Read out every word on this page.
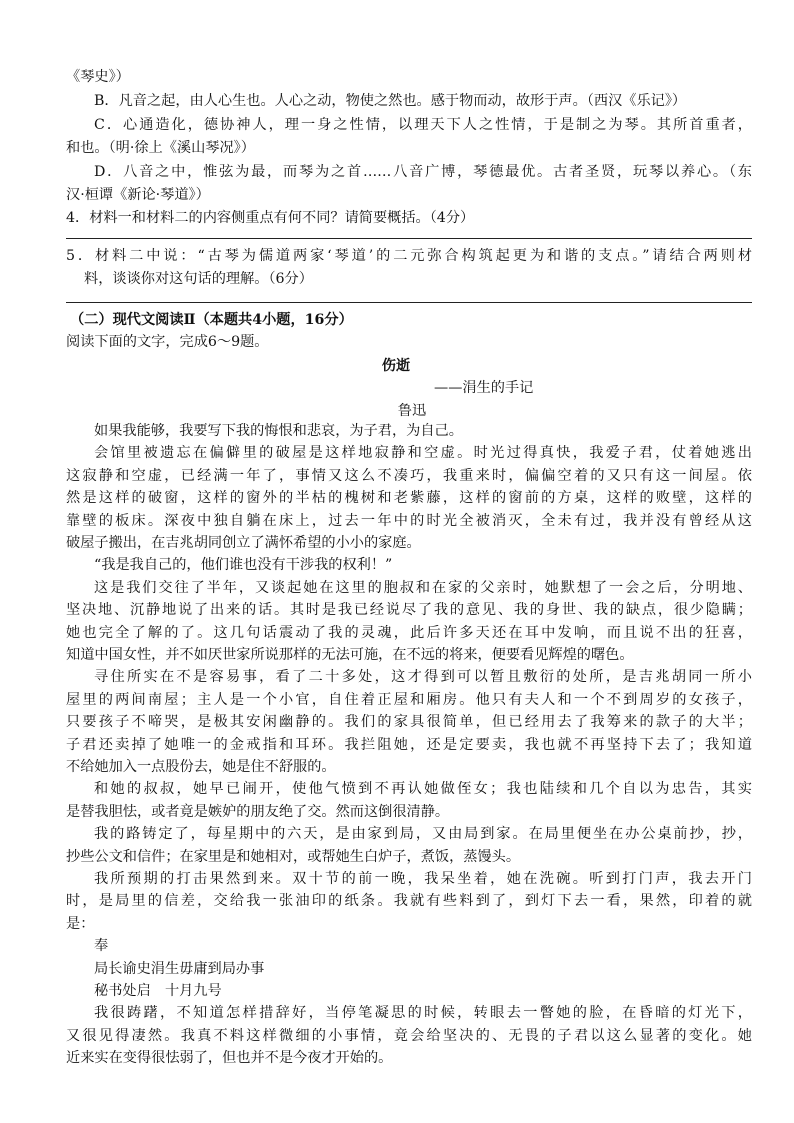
《琴史》）
B．凡音之起，由人心生也。人心之动，物使之然也。感于物而动，故形于声。（西汉《乐记》）
C．心通造化，德协神人，理一身之性情，以理天下人之性情，于是制之为琴。其所首重者，
和也。（明·徐上《溪山琴况》）
D．八音之中，惟弦为最，而琴为之首……八音广博，琴德最优。古者圣贤，玩琴以养心。（东
汉·桓谭《新论·琴道》）
4．材料一和材料二的内容侧重点有何不同？请简要概括。（4分）
5．材料二中说：“古琴为儒道两家‘琴道’的二元弥合构筑起更为和谐的支点。”请结合两则材
料，谈谈你对这句话的理解。（6分）
（二）现代文阅读Ⅱ（本题共4小题，16分）
阅读下面的文字，完成6～9题。
伤逝
——涓生的手记
鲁迅
如果我能够，我要写下我的悔恨和悲哀，为子君，为自己。
会馆里被遗忘在偏僻里的破屋是这样地寂静和空虚。时光过得真快，我爱子君，仗着她逃出
这寂静和空虚，已经满一年了，事情又这么不凑巧，我重来时，偏偏空着的又只有这一间屋。依
然是这样的破窗，这样的窗外的半枯的槐树和老紫藤，这样的窗前的方桌，这样的败壁，这样的
靠壁的板床。深夜中独自躺在床上，过去一年中的时光全被消灭，全未有过，我并没有曾经从这
破屋子搬出，在吉兆胡同创立了满怀希望的小小的家庭。
“我是我自己的，他们谁也没有干涉我的权利！”
这是我们交往了半年，又谈起她在这里的胞叔和在家的父亲时，她默想了一会之后，分明地、
坚决地、沉静地说了出来的话。其时是我已经说尽了我的意见、我的身世、我的缺点，很少隐瞒；
她也完全了解的了。这几句话震动了我的灵魂，此后许多天还在耳中发响，而且说不出的狂喜，
知道中国女性，并不如厌世家所说那样的无法可施，在不远的将来，便要看见辉煌的曙色。
寻住所实在不是容易事，看了二十多处，这才得到可以暂且敷衍的处所，是吉兆胡同一所小
屋里的两间南屋；主人是一个小官，自住着正屋和厢房。他只有夫人和一个不到周岁的女孩子，
只要孩子不啼哭，是极其安闲幽静的。我们的家具很简单，但已经用去了我筹来的款子的大半；
子君还卖掉了她唯一的金戒指和耳环。我拦阻她，还是定要卖，我也就不再坚持下去了；我知道
不给她加入一点股份去，她是住不舒服的。
和她的叔叔，她早已闹开，使他气愤到不再认她做侄女；我也陆续和几个自以为忠告，其实
是替我胆怯，或者竟是嫉妒的朋友绝了交。然而这倒很清静。
我的路铸定了，每星期中的六天，是由家到局，又由局到家。在局里便坐在办公桌前抄，抄，
抄些公文和信件；在家里是和她相对，或帮她生白炉子，煮饭，蒸馒头。
我所预期的打击果然到来。双十节的前一晚，我呆坐着，她在洗碗。听到打门声，我去开门
时，是局里的信差，交给我一张油印的纸条。我就有些料到了，到灯下去一看，果然，印着的就
是：
奉
局长谕史涓生毋庸到局办事
秘书处启　十月九号
我很踌躇，不知道怎样措辞好，当停笔凝思的时候，转眼去一瞥她的脸，在昏暗的灯光下，
又很见得凄然。我真不料这样微细的小事情，竟会给坚决的、无畏的子君以这么显著的变化。她
近来实在变得很怯弱了，但也并不是今夜才开始的。
